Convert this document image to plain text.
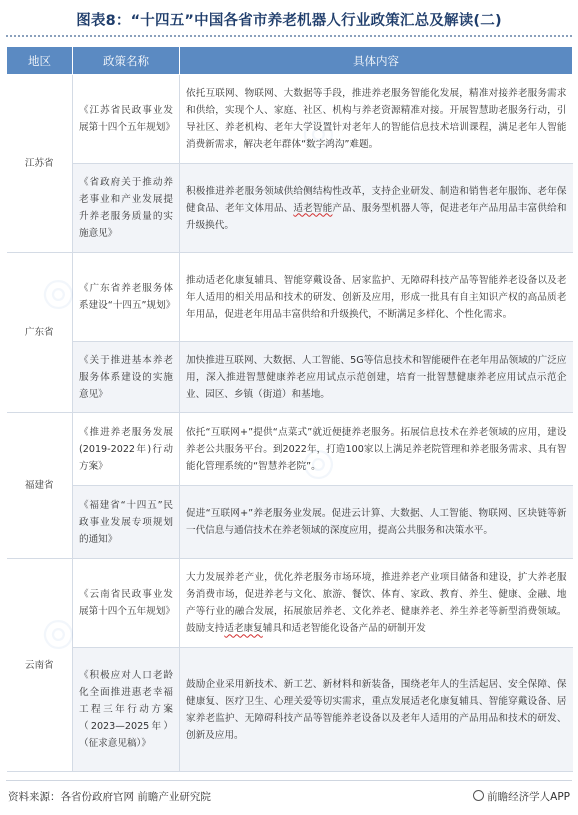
图表8：“十四五”中国各省市养老机器人行业政策汇总及解读(二)
地区	政策名称	具体内容
江苏省	《江苏省民政事业发展第十四个五年规划》	依托互联网、物联网、大数据等手段，推进养老服务智能化发展，精准对接养老服务需求和供给，实现个人、家庭、社区、机构与养老资源精准对接。开展智慧助老服务行动，引导社区、养老机构、老年大学设置针对老年人的智能信息技术培训课程，满足老年人智能消费新需求，解决老年群体“数字鸿沟”难题。
	《省政府关于推动养老事业和产业发展提升养老服务质量的实施意见》	积极推进养老服务领域供给侧结构性改革，支持企业研发、制造和销售老年服饰、老年保健食品、老年文体用品、适老智能产品、服务型机器人等，促进老年产品用品丰富供给和升级换代。
广东省	《广东省养老服务体系建设“十四五”规划》	推动适老化康复辅具、智能穿戴设备、居家监护、无障碍科技产品等智能养老设备以及老年人适用的相关用品和技术的研发、创新及应用，形成一批具有自主知识产权的高品质老年用品，促进老年用品丰富供给和升级换代，不断满足多样化、个性化需求。
	《关于推进基本养老服务体系建设的实施意见》	加快推进互联网、大数据、人工智能、5G等信息技术和智能硬件在老年用品领域的广泛应用，深入推进智慧健康养老应用试点示范创建，培育一批智慧健康养老应用试点示范企业、园区、乡镇（街道）和基地。
福建省	《推进养老服务发展(2019-2022年)行动方案》	依托“互联网+”提供“点菜式”就近便捷养老服务。拓展信息技术在养老领域的应用，建设养老公共服务平台。到2022年，打造100家以上满足养老院管理和养老服务需求、具有智能化管理系统的“智慧养老院”。
	《福建省“十四五”民政事业发展专项规划的通知》	促进“互联网+”养老服务业发展。促进云计算、大数据、人工智能、物联网、区块链等新一代信息与通信技术在养老领域的深度应用，提高公共服务和决策水平。
云南省	《云南省民政事业发展第十四个五年规划》	大力发展养老产业，优化养老服务市场环境，推进养老产业项目储备和建设，扩大养老服务消费市场，促进养老与文化、旅游、餐饮、体育、家政、教育、养生、健康、金融、地产等行业的融合发展，拓展旅居养老、文化养老、健康养老、养生养老等新型消费领域。鼓励支持适老康复辅具和适老智能化设备产品的研制开发
	《积极应对人口老龄化全面推进惠老幸福工程三年行动方案（2023—2025年）（征求意见稿）》	鼓励企业采用新技术、新工艺、新材料和新装备，围绕老年人的生活起居、安全保障、保健康复、医疗卫生、心理关爱等切实需求，重点发展适老化康复辅具、智能穿戴设备、居家养老监护、无障碍科技产品等智能养老设备以及老年人适用的产品用品和技术的研发、创新及应用。
◎
◎
◎
◎
资料来源：各省份政府官网 前瞻产业研究院	前瞻经济学人APP
